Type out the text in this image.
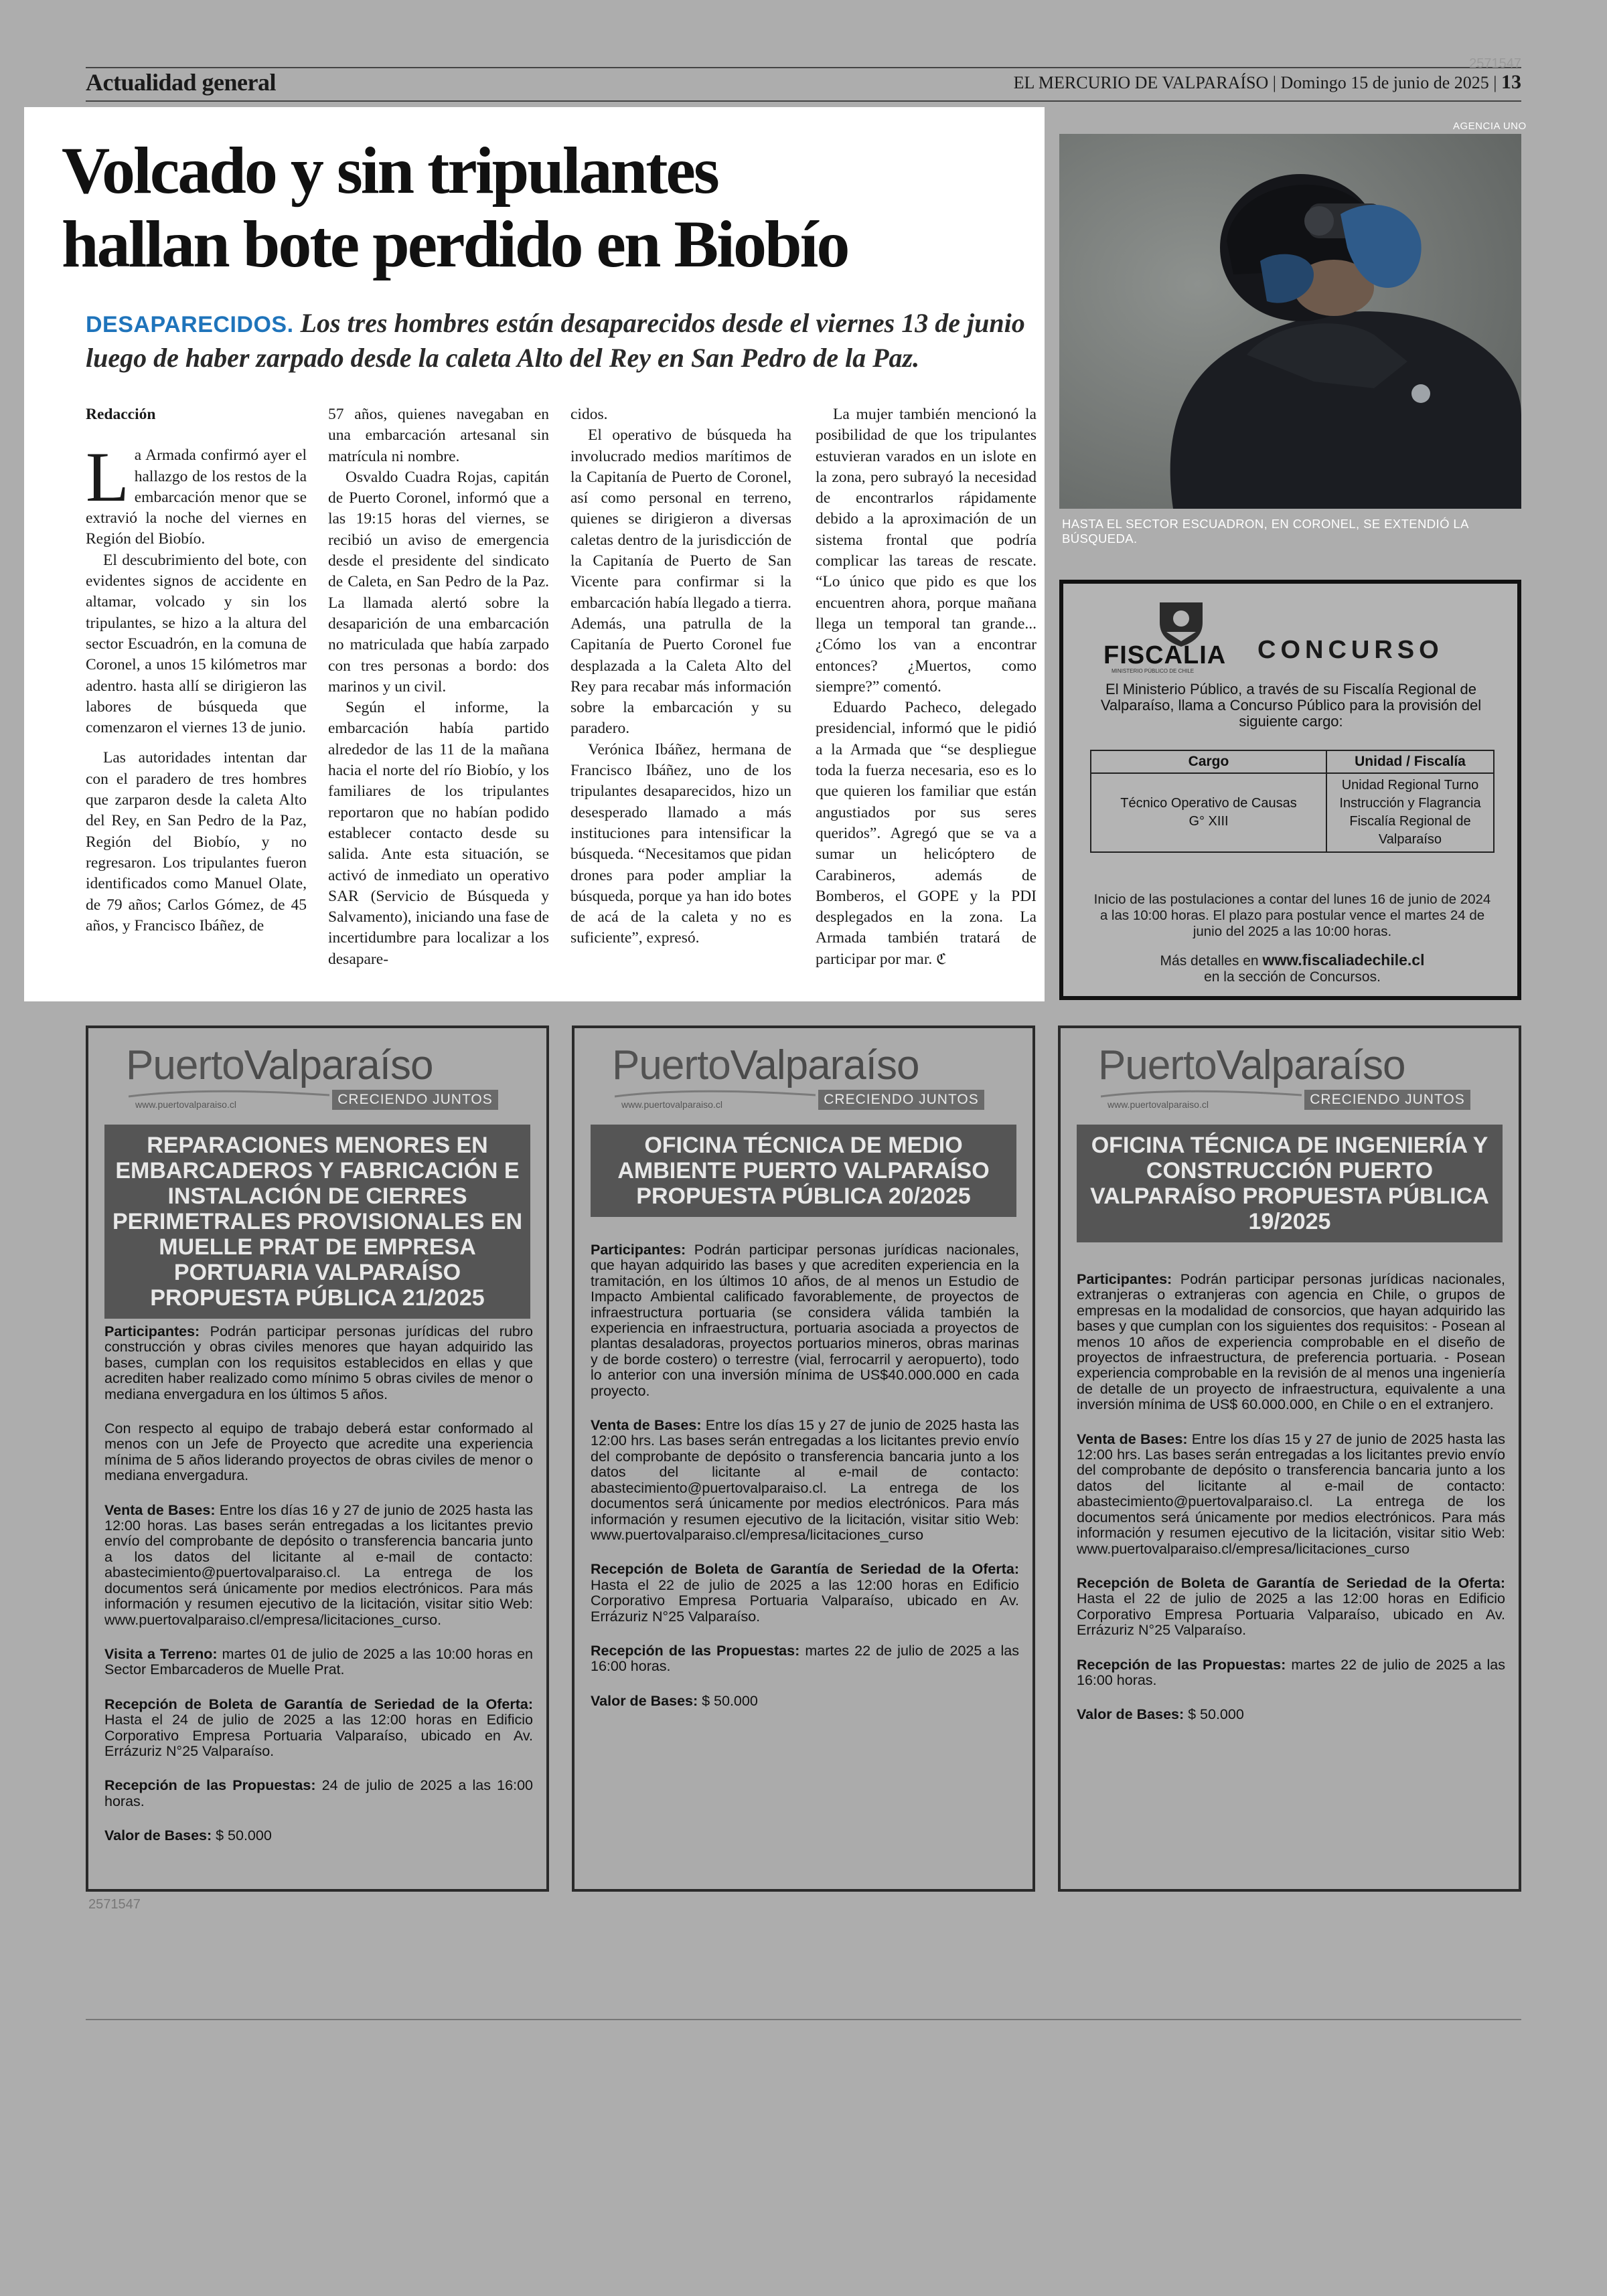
2571547
Actualidad general	EL MERCURIO DE VALPARAÍSO | Domingo 15 de junio de 2025 | 13
Volcado y sin tripulantes
hallan bote perdido en Biobío
DESAPARECIDOS. Los tres hombres están desaparecidos desde el viernes 13 de junio luego de haber zarpado desde la caleta Alto del Rey en San Pedro de la Paz.

Redacción

La Armada confirmó ayer el hallazgo de los restos de la embarcación menor que se extravió la noche del viernes en Región del Biobío.

El descubrimiento del bote, con evidentes signos de accidente en altamar, volcado y sin los tripulantes, se hizo a la altura del sector Escuadrón, en la comuna de Coronel, a unos 15 kilómetros mar adentro. hasta allí se dirigieron las labores de búsqueda que comenzaron el viernes 13 de junio.

Las autoridades intentan dar con el paradero de tres hombres que zarparon desde la caleta Alto del Rey, en San Pedro de la Paz, Región del Biobío, y no regresaron. Los tripulantes fueron identificados como Manuel Olate, de 79 años; Carlos Gómez, de 45 años, y Francisco Ibáñez, de

57 años, quienes navegaban en una embarcación artesanal sin matrícula ni nombre.

Osvaldo Cuadra Rojas, capitán de Puerto Coronel, informó que a las 19:15 horas del viernes, se recibió un aviso de emergencia desde el presidente del sindicato de Caleta, en San Pedro de la Paz. La llamada alertó sobre la desaparición de una embarcación no matriculada que había zarpado con tres personas a bordo: dos marinos y un civil.

Según el informe, la embarcación había partido alrededor de las 11 de la mañana hacia el norte del río Biobío, y los familiares de los tripulantes reportaron que no habían podido establecer contacto desde su salida. Ante esta situación, se activó de inmediato un operativo SAR (Servicio de Búsqueda y Salvamento), iniciando una fase de incertidumbre para localizar a los desapare-

cidos.

El operativo de búsqueda ha involucrado medios marítimos de la Capitanía de Puerto de Coronel, así como personal en terreno, quienes se dirigieron a diversas caletas dentro de la jurisdicción de la Capitanía de Puerto de San Vicente para confirmar si la embarcación había llegado a tierra. Además, una patrulla de la Capitanía de Puerto Coronel fue desplazada a la Caleta Alto del Rey para recabar más información sobre la embarcación y su paradero.

Verónica Ibáñez, hermana de Francisco Ibáñez, uno de los tripulantes desaparecidos, hizo un desesperado llamado a más instituciones para intensificar la búsqueda. “Necesitamos que pidan drones para poder ampliar la búsqueda, porque ya han ido botes de acá de la caleta y no es suficiente”, expresó.

La mujer también mencionó la posibilidad de que los tripulantes estuvieran varados en un islote en la zona, pero subrayó la necesidad de encontrarlos rápidamente debido a la aproximación de un sistema frontal que podría complicar las tareas de rescate. “Lo único que pido es que los encuentren ahora, porque mañana llega un temporal tan grande... ¿Cómo los van a encontrar entonces? ¿Muertos, como siempre?” comentó.

Eduardo Pacheco, delegado presidencial, informó que le pidió a la Armada que “se despliegue toda la fuerza necesaria, eso es lo que quieren los familiar que están angustiados por sus seres queridos”. Agregó que se va a sumar un helicóptero de Carabineros, además de Bomberos, el GOPE y la PDI desplegados en la zona. La Armada también tratará de participar por mar. ℭ

AGENCIA UNO
HASTA EL SECTOR ESCUADRON, EN CORONEL, SE EXTENDIÓ LA BÚSQUEDA.
FISCALIA
MINISTERIO PÚBLICO DE CHILE
CONCURSO
El Ministerio Público, a través de su Fiscalía Regional de Valparaíso, llama a Concurso Público para la provisión del siguiente cargo:
Cargo	Unidad / Fiscalía
Técnico Operativo de Causas G° XIII	Unidad Regional Turno Instrucción y Flagrancia Fiscalía Regional de Valparaíso
Inicio de las postulaciones a contar del lunes 16 de junio de 2024 a las 10:00 horas. El plazo para postular vence el martes 24 de junio del 2025 a las 10:00 horas.
Más detalles en www.fiscaliadechile.cl
en la sección de Concursos.
PuertoValparaíso
www.puertovalparaiso.cl	CRECIENDO JUNTOS
REPARACIONES MENORES EN EMBARCADEROS Y FABRICACIÓN E INSTALACIÓN DE CIERRES PERIMETRALES PROVISIONALES EN MUELLE PRAT DE EMPRESA PORTUARIA VALPARAÍSO PROPUESTA PÚBLICA 21/2025

Participantes: Podrán participar personas jurídicas del rubro construcción y obras civiles menores que hayan adquirido las bases, cumplan con los requisitos establecidos en ellas y que acrediten haber realizado como mínimo 5 obras civiles de menor o mediana envergadura en los últimos 5 años.

Con respecto al equipo de trabajo deberá estar conformado al menos con un Jefe de Proyecto que acredite una experiencia mínima de 5 años liderando proyectos de obras civiles de menor o mediana envergadura.

Venta de Bases: Entre los días 16 y 27 de junio de 2025 hasta las 12:00 horas. Las bases serán entregadas a los licitantes previo envío del comprobante de depósito o transferencia bancaria junto a los datos del licitante al e-mail de contacto: abastecimiento@puertovalparaiso.cl. La entrega de los documentos será únicamente por medios electrónicos. Para más información y resumen ejecutivo de la licitación, visitar sitio Web: www.puertovalparaiso.cl/empresa/licitaciones_curso.

Visita a Terreno: martes 01 de julio de 2025 a las 10:00 horas en Sector Embarcaderos de Muelle Prat.

Recepción de Boleta de Garantía de Seriedad de la Oferta: Hasta el 24 de julio de 2025 a las 12:00 horas en Edificio Corporativo Empresa Portuaria Valparaíso, ubicado en Av. Errázuriz N°25 Valparaíso.

Recepción de las Propuestas: 24 de julio de 2025 a las 16:00 horas.

Valor de Bases: $ 50.000

PuertoValparaíso
www.puertovalparaiso.cl	CRECIENDO JUNTOS
OFICINA TÉCNICA DE MEDIO AMBIENTE PUERTO VALPARAÍSO PROPUESTA PÚBLICA 20/2025

Participantes: Podrán participar personas jurídicas nacionales, que hayan adquirido las bases y que acrediten experiencia en la tramitación, en los últimos 10 años, de al menos un Estudio de Impacto Ambiental calificado favorablemente, de proyectos de infraestructura portuaria (se considera válida también la experiencia en infraestructura, portuaria asociada a proyectos de plantas desaladoras, proyectos portuarios mineros, obras marinas y de borde costero) o terrestre (vial, ferrocarril y aeropuerto), todo lo anterior con una inversión mínima de US$40.000.000 en cada proyecto.

Venta de Bases: Entre los días 15 y 27 de junio de 2025 hasta las 12:00 hrs. Las bases serán entregadas a los licitantes previo envío del comprobante de depósito o transferencia bancaria junto a los datos del licitante al e-mail de contacto: abastecimiento@puertovalparaiso.cl. La entrega de los documentos será únicamente por medios electrónicos. Para más información y resumen ejecutivo de la licitación, visitar sitio Web: www.puertovalparaiso.cl/empresa/licitaciones_curso

Recepción de Boleta de Garantía de Seriedad de la Oferta: Hasta el 22 de julio de 2025 a las 12:00 horas en Edificio Corporativo Empresa Portuaria Valparaíso, ubicado en Av. Errázuriz N°25 Valparaíso.

Recepción de las Propuestas: martes 22 de julio de 2025 a las 16:00 horas.

Valor de Bases: $ 50.000

PuertoValparaíso
www.puertovalparaiso.cl	CRECIENDO JUNTOS
OFICINA TÉCNICA DE INGENIERÍA Y CONSTRUCCIÓN PUERTO VALPARAÍSO PROPUESTA PÚBLICA 19/2025

Participantes: Podrán participar personas jurídicas nacionales, extranjeras o extranjeras con agencia en Chile, o grupos de empresas en la modalidad de consorcios, que hayan adquirido las bases y que cumplan con los siguientes dos requisitos: - Posean al menos 10 años de experiencia comprobable en el diseño de proyectos de infraestructura, de preferencia portuaria. - Posean experiencia comprobable en la revisión de al menos una ingeniería de detalle de un proyecto de infraestructura, equivalente a una inversión mínima de US$ 60.000.000, en Chile o en el extranjero.

Venta de Bases: Entre los días 15 y 27 de junio de 2025 hasta las 12:00 hrs. Las bases serán entregadas a los licitantes previo envío del comprobante de depósito o transferencia bancaria junto a los datos del licitante al e-mail de contacto: abastecimiento@puertovalparaiso.cl. La entrega de los documentos será únicamente por medios electrónicos. Para más información y resumen ejecutivo de la licitación, visitar sitio Web: www.puertovalparaiso.cl/empresa/licitaciones_curso

Recepción de Boleta de Garantía de Seriedad de la Oferta: Hasta el 22 de julio de 2025 a las 12:00 horas en Edificio Corporativo Empresa Portuaria Valparaíso, ubicado en Av. Errázuriz N°25 Valparaíso.

Recepción de las Propuestas: martes 22 de julio de 2025 a las 16:00 horas.

Valor de Bases: $ 50.000

2571547
